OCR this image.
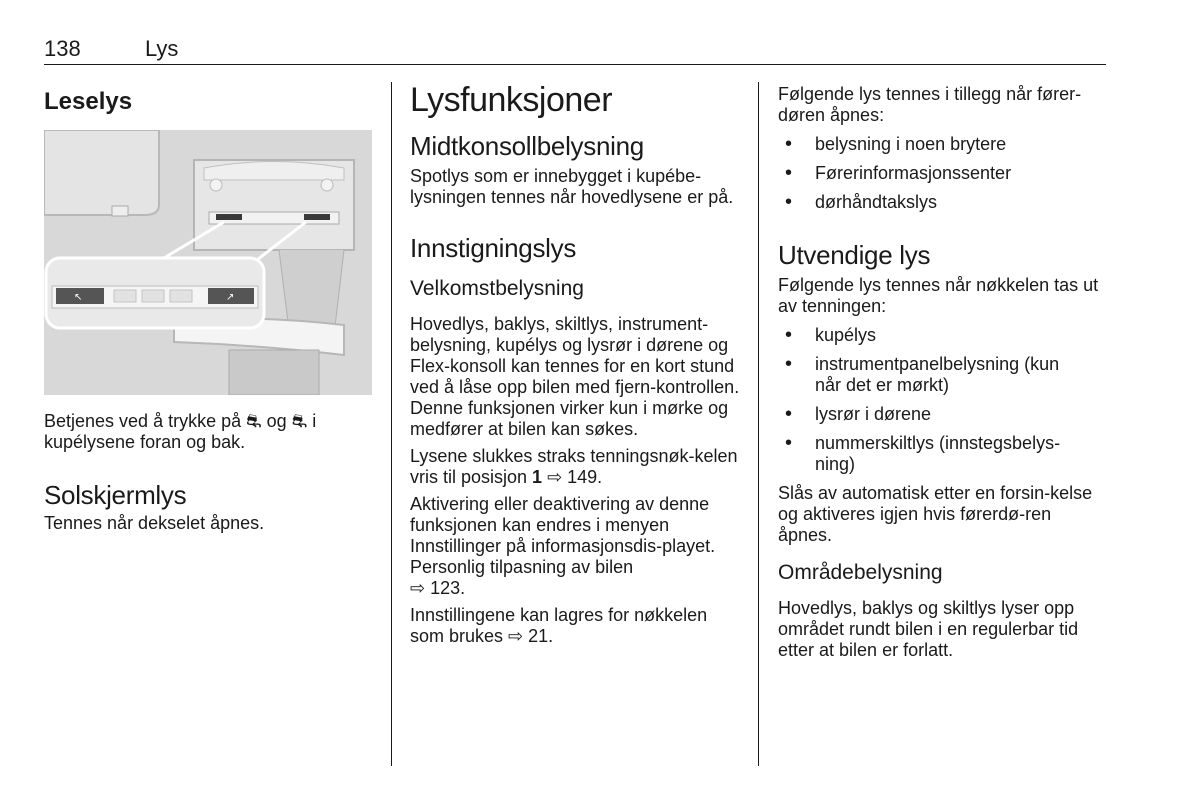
138	Lys
Leselys
↖	↗

Betjenes ved å trykke på ⛐ og ⛐ i kupélysene foran og bak.

Solskjermlys

Tennes når dekselet åpnes.

Lysfunksjoner
Midtkonsollbelysning

Spotlys som er innebygget i kupébe-lysningen tennes når hovedlysene er på.

Innstigningslys
Velkomstbelysning

Hovedlys, baklys, skiltlys, instrument-belysning, kupélys og lysrør i dørene og Flex-konsoll kan tennes for en kort stund ved å låse opp bilen med fjern-kontrollen. Denne funksjonen virker kun i mørke og medfører at bilen kan søkes.

Lysene slukkes straks tenningsnøk-kelen vris til posisjon 1 ⇨ 149.

Aktivering eller deaktivering av denne funksjonen kan endres i menyen Innstillinger på informasjonsdis-playet. Personlig tilpasning av bilen
⇨ 123.

Innstillingene kan lagres for nøkkelen som brukes ⇨ 21.

Følgende lys tennes i tillegg når fører-døren åpnes:

• belysning i noen brytere
• Førerinformasjonssenter
• dørhåndtakslys
Utvendige lys

Følgende lys tennes når nøkkelen tas ut av tenningen:

• kupélys
• instrumentpanelbelysning (kun når det er mørkt)
• lysrør i dørene
• nummerskiltlys (innstegsbelys-ning)

Slås av automatisk etter en forsin-kelse og aktiveres igjen hvis førerdø-ren åpnes.

Områdebelysning

Hovedlys, baklys og skiltlys lyser opp området rundt bilen i en regulerbar tid etter at bilen er forlatt.
